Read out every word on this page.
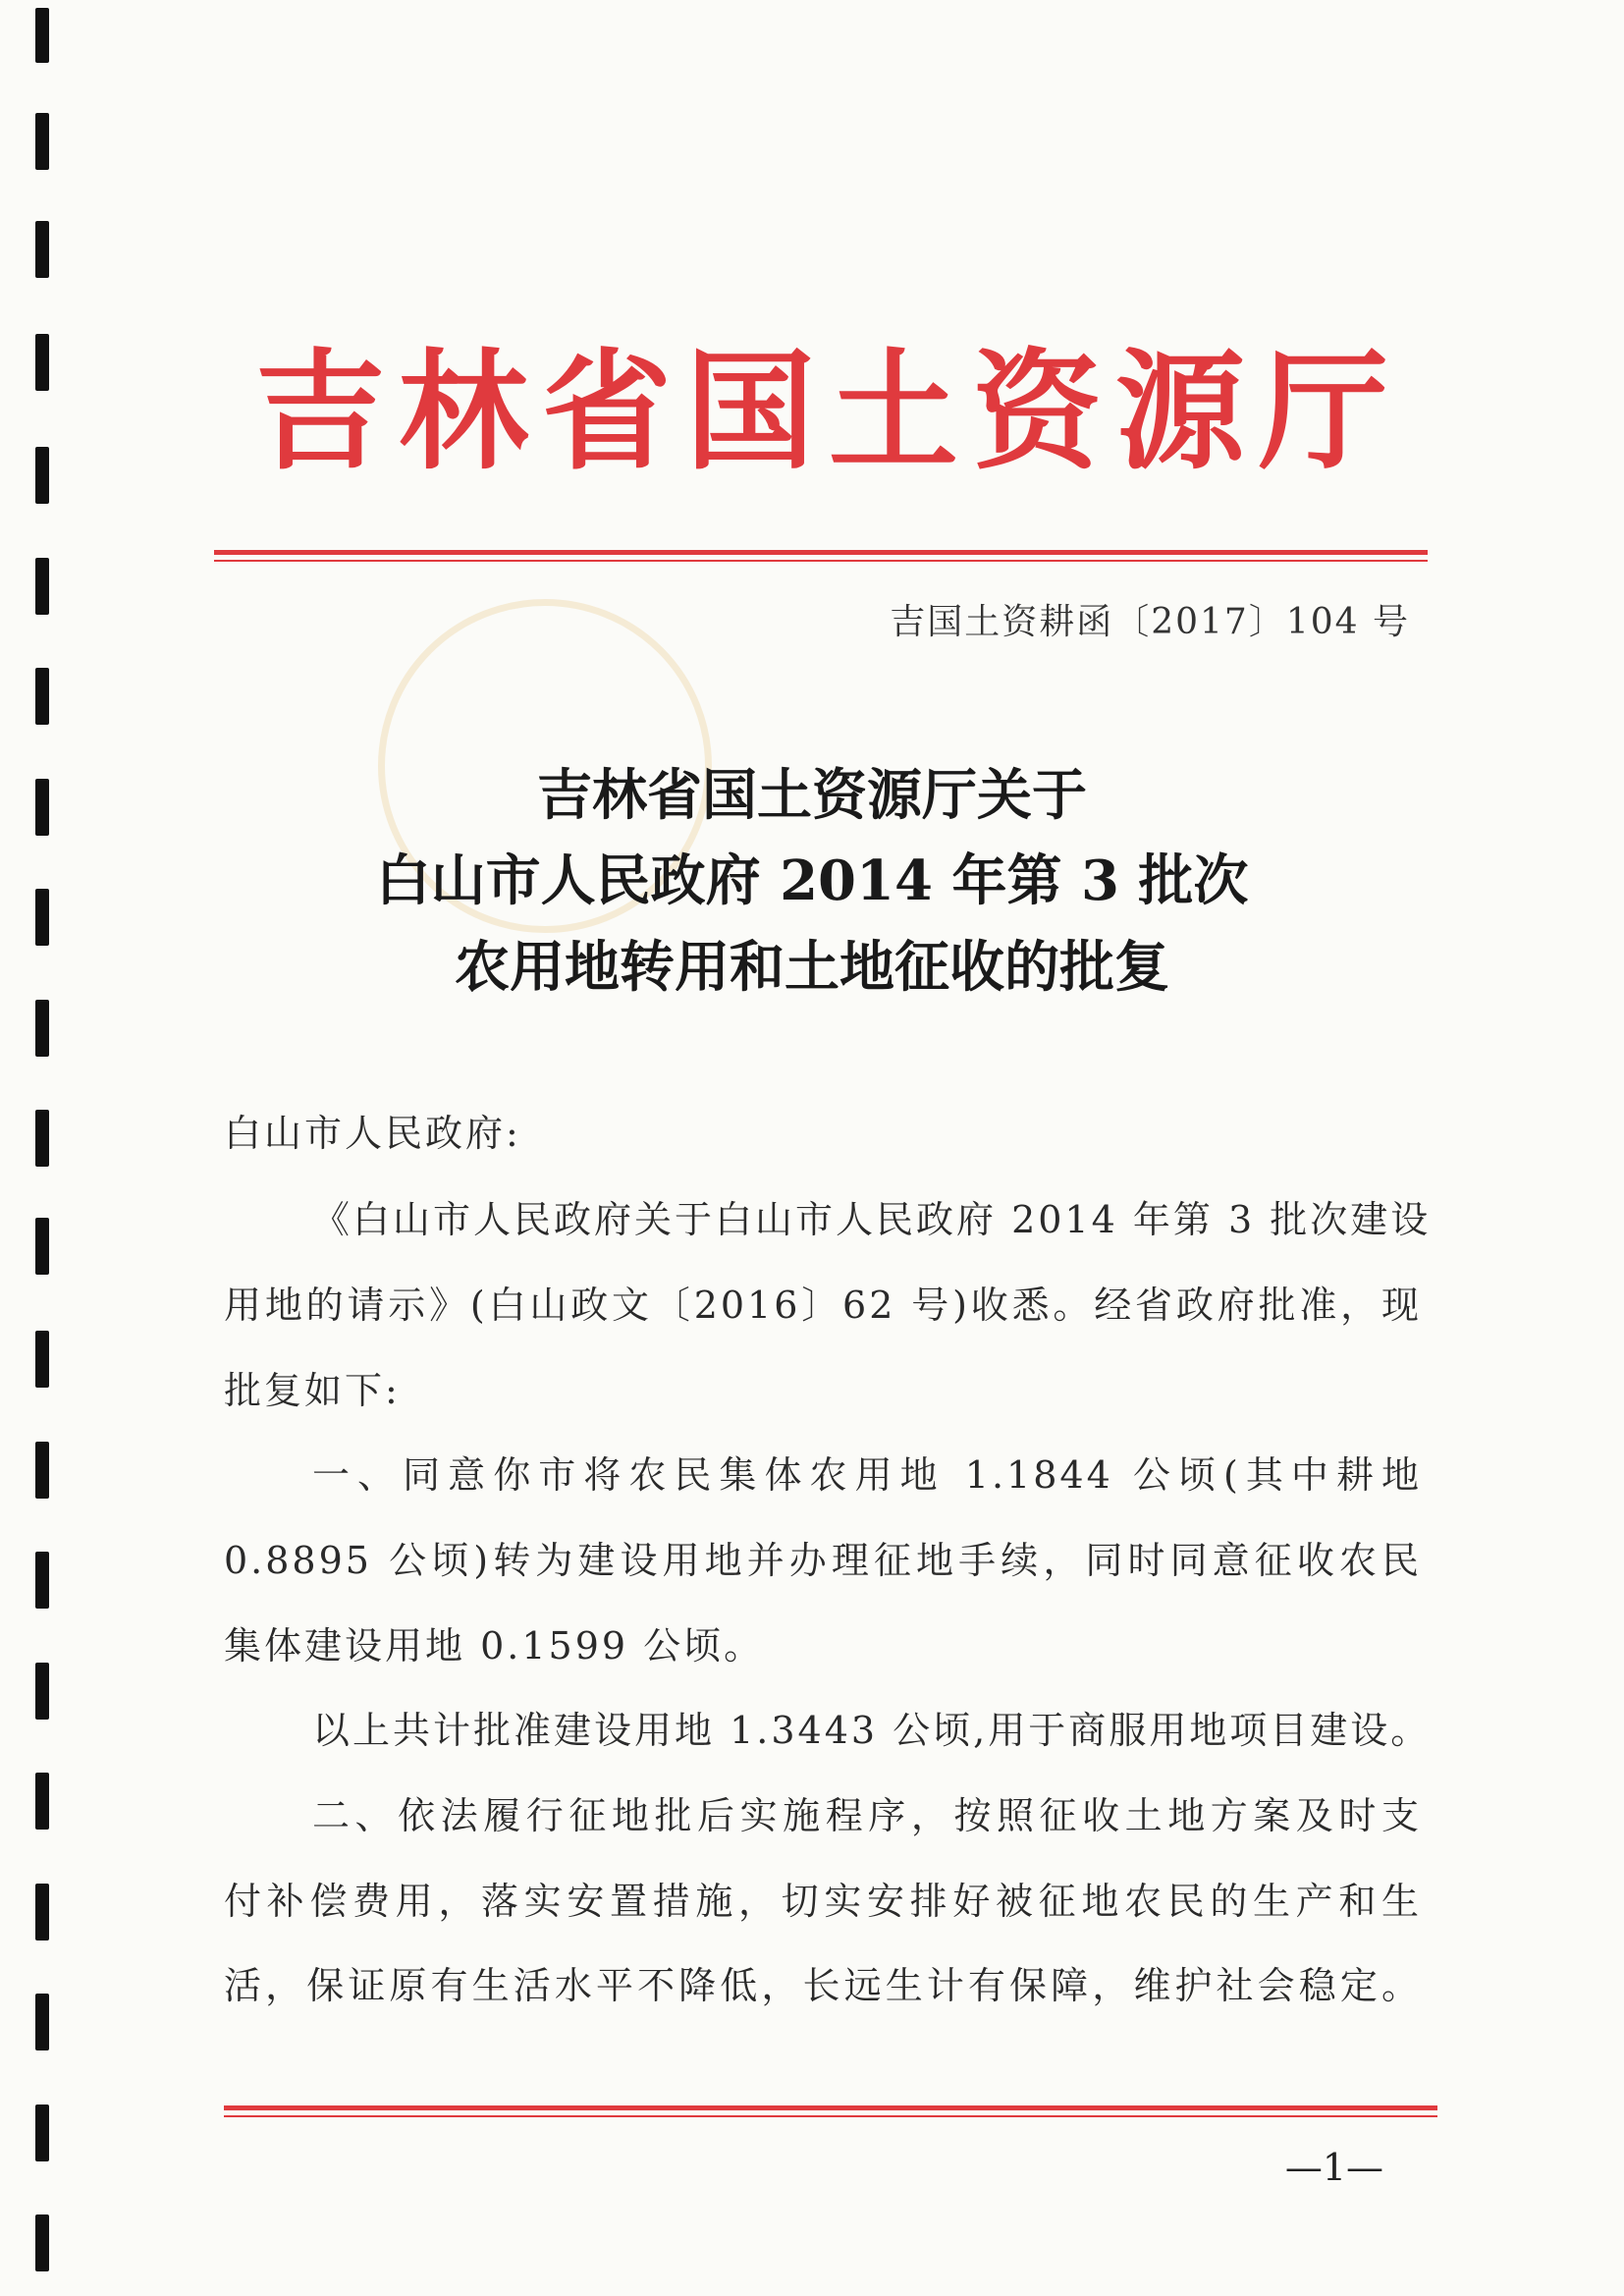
吉林省国土资源厅
吉国土资耕函〔2017〕104 号
吉林省国土资源厅关于
白山市人民政府 2014 年第 3 批次
农用地转用和土地征收的批复
白山市人民政府:
《白山市人民政府关于白山市人民政府 2014 年第 3 批次建设
用地的请示》(白山政文〔2016〕62 号)收悉。经省政府批准，现
批复如下:
一、同意你市将农民集体农用地 1.1844 公顷(其中耕地
0.8895 公顷)转为建设用地并办理征地手续，同时同意征收农民
集体建设用地 0.1599 公顷。
以上共计批准建设用地 1.3443 公顷,用于商服用地项目建设。
二、依法履行征地批后实施程序，按照征收土地方案及时支
付补偿费用，落实安置措施，切实安排好被征地农民的生产和生
活，保证原有生活水平不降低，长远生计有保障，维护社会稳定。
—1—
